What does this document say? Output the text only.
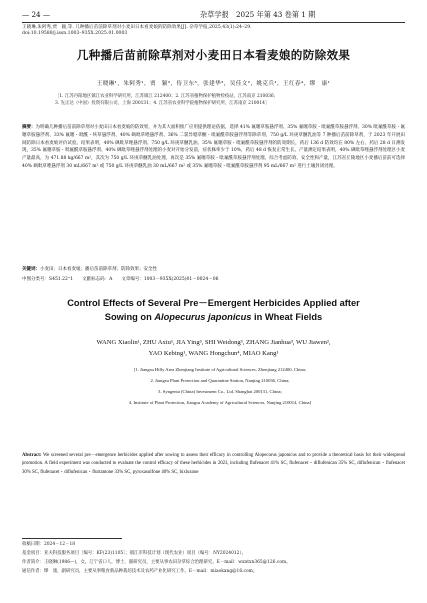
— 24 —	杂草学报　2025 年第 43 卷第 1 期
王晓琳,朱阿秀,贾　颖,等. 几种播后苗前除草剂对小麦田日本看麦娘的防除效果[J]. 杂草学报,2025,43(1):24–29.
doi:10.19588/j.issn.1003–935X.2025.01.0003
几种播后苗前除草剂对小麦田日本看麦娘的防除效果
王晓琳¹，朱阿秀¹，贾　颖³，侍卫东³，张建华³，吴佳文²，姚克兵¹，王红春⁴，缪　康¹
［1. 江苏丹阳地区镇江农业科学研究所，江苏镇江 212400；2. 江苏省植物保护植物检疫站，江苏南京 210036；
3. 先正达（中国）投资有限公司，上海 200131；4. 江苏省农业科学院植物保护研究所，江苏南京 210014］
摘要：为明确几种播后苗前除草剂对小麦田日本看麦娘的防效果，并为其大面积推广应用提供理论依据，选择 41% 氟噻草胺悬浮剂、35% 氟噻草胺・吡氟酰草胺悬浮剂、30% 吡氟酰草胺・氟噻草胺悬浮剂、33% 氟噻・吡酰・呋草悬浮剂、40% 砜吡草唑悬浮剂、36% 二氯异噁草酮・吡氟酰草胺悬浮剂等除草剂，750 g/L 环庚草醚乳油等 7 种播后苗前除草剂，于 2023 年开展田间防除日本看麦娘评价试验。结果表明，40% 砜吡草唑悬浮剂、750 g/L 环庚草醚乳油、35% 氟噻草胺・吡氟酰草胺悬浮剂的防效期长，药后 136 d 防效均在 80% 左右，药后 28 d 日测发现，35% 氟噻草胺・吡氟酰草胺悬浮剂、40% 砜吡草唑悬浮剂处理的小麦对开始分发前，症状株率少于 10%，药后 48 d 恢复正常生长。产量测定结果表明，40% 砜吡草唑悬浮剂处理区小麦产量最高，为 471.88 kg/667 m²，其次为 750 g/L 环庚草醚乳油处理，再次是 35% 氟噻草胺・吡氟酰草胺悬浮剂处理。综合考虑防效、安全性和产量，江苏省丘陵地区小麦播后苗前可选择 40% 砜吡草唑悬浮剂 30 mL/667 m² 或 750 g/L 环庚草醚乳油 30 mL/667 m² 或 35% 氟噻草胺・吡氟酰草胺悬浮剂 95 mL/667 m² 进行土壤封闭处理。
关键词：小麦田；日本看麦娘；播后苗前除草剂；防除效果；安全性
中图分类号：S451.22⁺1　　文献标志码：A　　文章编号：1003－935X(2025)01－0024－06
Control Effects of Several Pre－Emergent Herbicides Applied after
Sowing on Alopecurus japonicus in Wheat Fields
WANG Xiaolin¹, ZHU Axiu¹, JIA Ying³, SHI Weidong³, ZHANG Jianhua³, WU Jiawen²,
YAO Kebing¹, WANG Hongchun⁴, MIAO Kang¹
[1. Jiangsu Hilly Area Zhenjiang Institute of Agricultural Sciences, Zhenjiang 212400, China;
2. Jiangsu Plant Protection and Quarantine Station, Nanjing 210036, China;
3. Syngenta (China) Investment Co., Ltd, Shanghai 200131, China;
4. Institute of Plant Protection, Jiangsu Academy of Agricultural Sciences, Nanjing 210014, China]
Abstract: We screened several pre－emergence herbicides applied after sowing to assess their efficacy in controlling Alopecurus japonicus and to provide a theoretical basis for their widespread promotion. A field experiment was conducted to evaluate the control efficacy of these herbicides in 2023, including flufenacet 41% SC, flufenacet・diflufenican 35% SC, diflufenican・flufenacet 30% SC, flufenacet・diflufenican・flurtamone 33% SC, pyroxasulfone 40% SC, bixlozone
收稿日期：2024－12－18
基金项目：亚夫科技服务项目［编号：KF(23)1105］；镇江市科技计划（现代农业）项目（编号：NY2024012）。
作者简介：王晓琳(1986—)，女，辽宁省口人，博士，副研究员，主要从事农田杂草综合治理研究。E－mail：wxntxn365@126.com。
通信作者：缪　康，副研究员，主要从事粮食新品种栽培技术及农药产业化研究工作。E－mail：miaokang@16.com。
